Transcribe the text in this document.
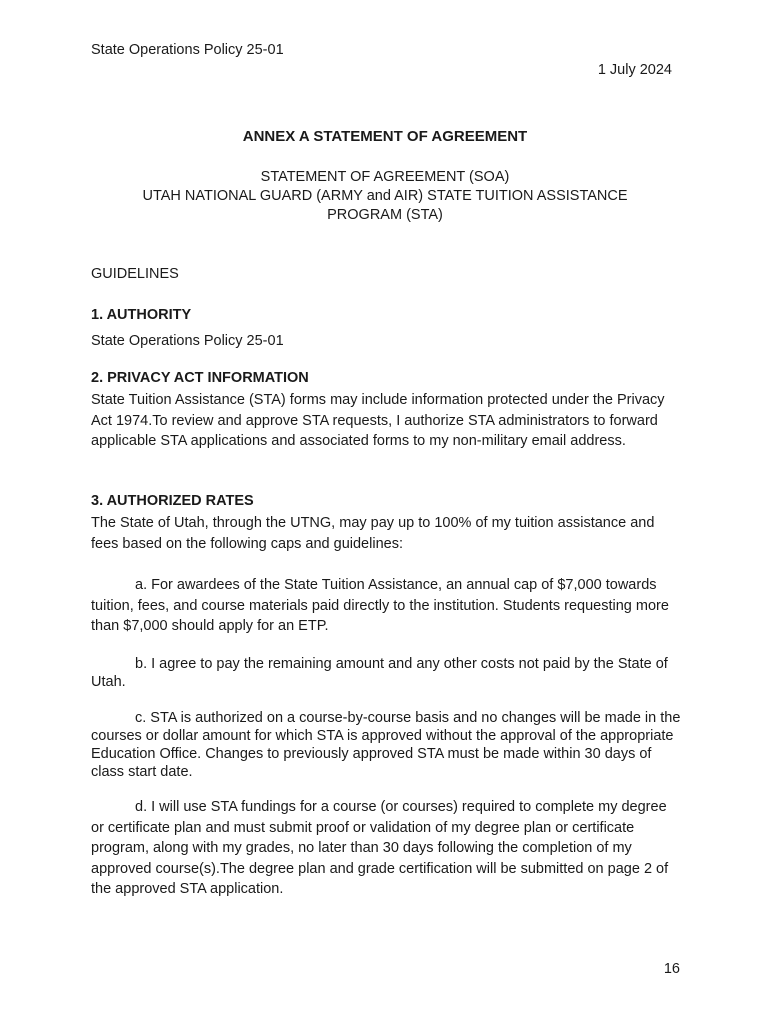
State Operations Policy 25-01

1 July 2024

ANNEX A STATEMENT OF AGREEMENT
STATEMENT OF AGREEMENT (SOA)
UTAH NATIONAL GUARD (ARMY and AIR) STATE TUITION ASSISTANCE PROGRAM (STA)

GUIDELINES

1. AUTHORITY

State Operations Policy 25-01

2. PRIVACY ACT INFORMATION

State Tuition Assistance (STA) forms may include information protected under the Privacy Act 1974.To review and approve STA requests, I authorize STA administrators to forward applicable STA applications and associated forms to my non-military email address.

3. AUTHORIZED RATES

The State of Utah, through the UTNG, may pay up to 100% of my tuition assistance and fees based on the following caps and guidelines:

a. For awardees of the State Tuition Assistance, an annual cap of $7,000 towards tuition, fees, and course materials paid directly to the institution. Students requesting more than $7,000 should apply for an ETP.

b. I agree to pay the remaining amount and any other costs not paid by the State of Utah.

c. STA is authorized on a course-by-course basis and no changes will be made in the courses or dollar amount for which STA is approved without the approval of the appropriate Education Office. Changes to previously approved STA must be made within 30 days of class start date.

d. I will use STA fundings for a course (or courses) required to complete my degree or certificate plan and must submit proof or validation of my degree plan or certificate program, along with my grades, no later than 30 days following the completion of my approved course(s).The degree plan and grade certification will be submitted on page 2 of the approved STA application.

16
